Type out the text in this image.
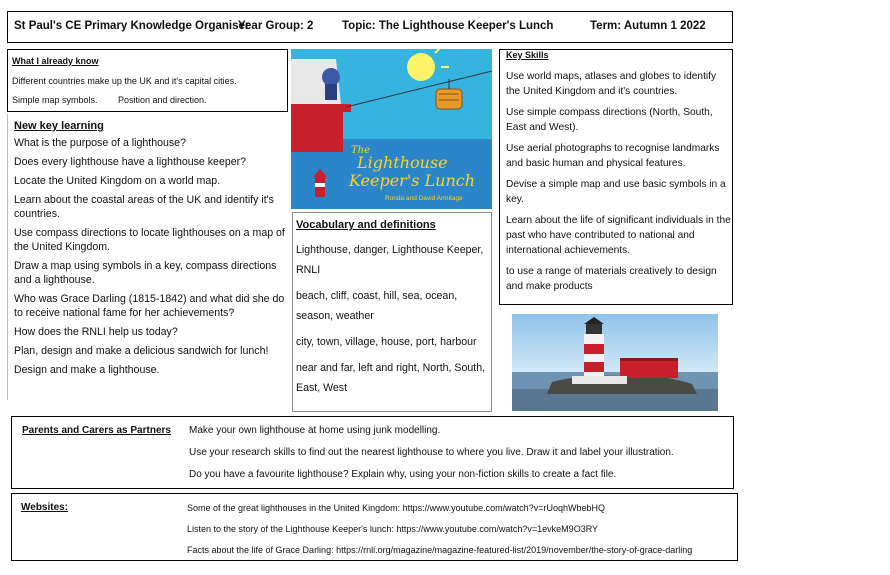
St Paul's CE Primary Knowledge Organiser
Year Group: 2 Topic: The Lighthouse Keeper's Lunch	Term: Autumn 1 2022
What I already know
Different countries make up the UK and it's capital cities.
Simple map symbols. Position and direction.

New key learning

What is the purpose of a lighthouse?

Does every lighthouse have a lighthouse keeper?

Locate the United Kingdom on a world map.

Learn about the coastal areas of the UK and identify it's countries.

Use compass directions to locate lighthouses on a map of the United Kingdom.

Draw a map using symbols in a key, compass directions and a lighthouse.

Who was Grace Darling (1815-1842) and what did she do to receive national fame for her achievements?

How does the RNLI help us today?

Plan, design and make a delicious sandwich for lunch!

Design and make a lighthouse.

The
Lighthouse
Keeper's Lunch
Ronda and David Armitage

Vocabulary and definitions

Lighthouse, danger, Lighthouse Keeper, RNLI

beach, cliff, coast, hill, sea, ocean, season, weather

city, town, village, house, port, harbour

near and far, left and right, North, South, East, West

Key Skills

Use world maps, atlases and globes to identify the United Kingdom and it's countries.

Use simple compass directions (North, South, East and West).

Use aerial photographs to recognise landmarks and basic human and physical features.

Devise a simple map and use basic symbols in a key.

Learn about the life of significant individuals in the past who have contributed to national and international achievements.

to use a range of materials creatively to design and make products

Parents and Carers as Partners Make your own lighthouse at home using junk modelling.
Use your research skills to find out the nearest lighthouse to where you live. Draw it and label your illustration.
Do you have a favourite lighthouse? Explain why, using your non-fiction skills to create a fact file.
Websites:	Some of the great lighthouses in the United Kingdom: https://www.youtube.com/watch?v=rUoqhWbebHQ
Listen to the story of the Lighthouse Keeper's lunch: https://www.youtube.com/watch?v=1evkeM9O3RY
Facts about the life of Grace Darling: https://rnli.org/magazine/magazine-featured-list/2019/november/the-story-of-grace-darling
